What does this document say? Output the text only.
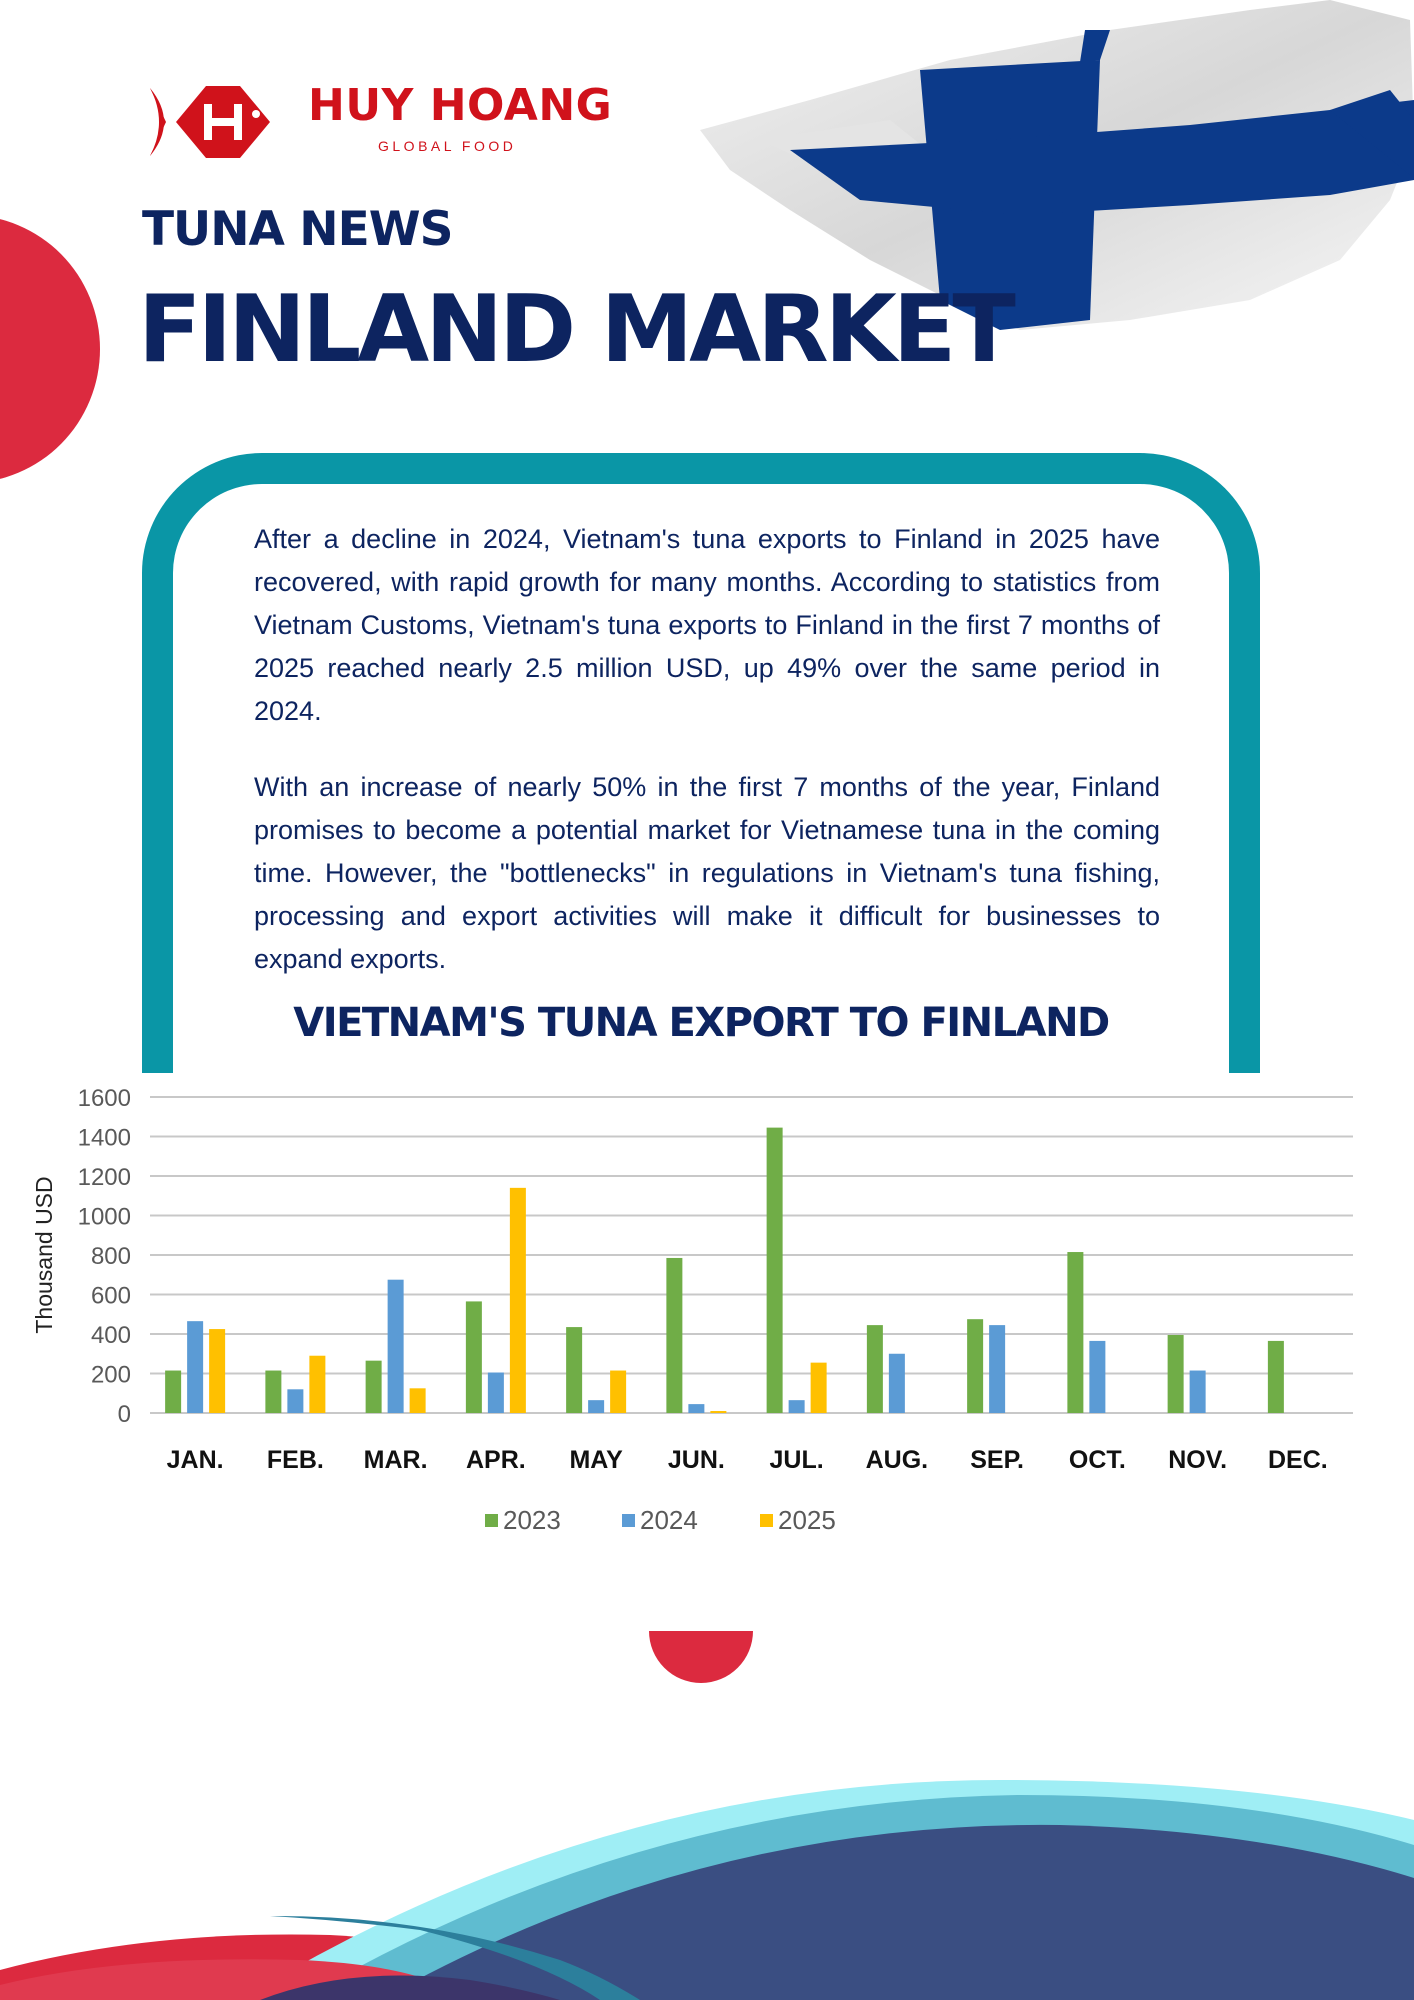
HUY HOANG
GLOBAL FOOD
TUNA NEWS
FINLAND MARKET

After a decline in 2024, Vietnam's tuna exports to Finland in 2025 have recovered, with rapid growth for many months. According to statistics from Vietnam Customs, Vietnam's tuna exports to Finland in the first 7 months of 2025 reached nearly 2.5 million USD, up 49% over the same period in 2024.

With an increase of nearly 50% in the first 7 months of the year, Finland promises to become a potential market for Vietnamese tuna in the coming time. However, the "bottlenecks" in regulations in Vietnam's tuna fishing, processing and export activities will make it difficult for businesses to expand exports.

VIETNAM'S TUNA EXPORT TO FINLAND
0
200
400
600
800
1000
1200
1400
1600
Thousand USD
JAN. FEB. MAR. APR. MAY JUN. JUL. AUG. SEP. OCT. NOV. DEC.
2023	2024	2025
